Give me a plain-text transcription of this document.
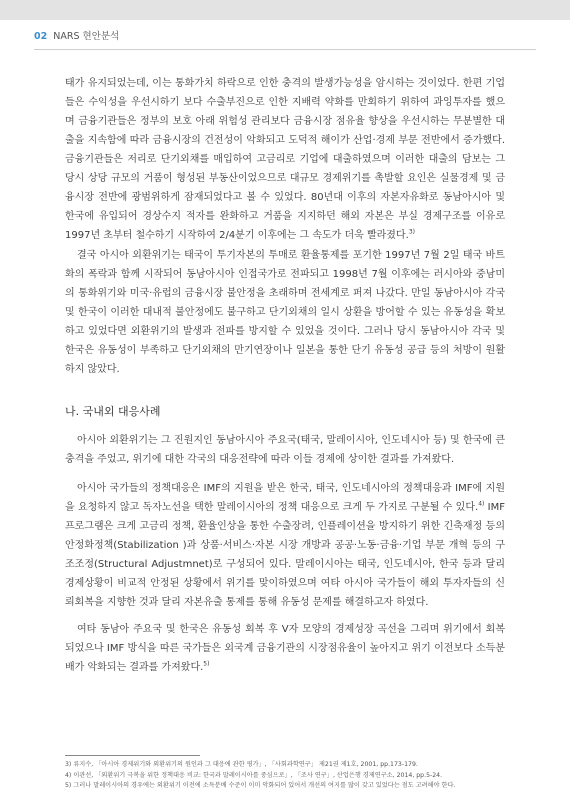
02 NARS 현안분석

태가 유지되었는데, 이는 통화가치 하락으로 인한 충격의 발생가능성을 암시하는 것이었다. 한편 기업들은 수익성을 우선시하기 보다 수출부진으로 인한 지배력 약화를 만회하기 위하여 과잉투자를 했으며 금융기관들은 정부의 보호 아래 위험성 관리보다 금융시장 점유율 향상을 우선시하는 무분별한 대출을 지속함에 따라 금융시장의 건전성이 악화되고 도덕적 해이가 산업·경제 부문 전반에서 증가했다. 금융기관들은 저리로 단기외채를 매입하여 고금리로 기업에 대출하였으며 이러한 대출의 담보는 그 당시 상당 규모의 거품이 형성된 부동산이었으므로 대규모 경제위기를 촉발할 요인은 실물경제 및 금융시장 전반에 광범위하게 잠재되었다고 볼 수 있었다. 80년대 이후의 자본자유화로 동남아시아 및 한국에 유입되어 경상수지 적자를 완화하고 거품을 지지하던 해외 자본은 부실 경제구조를 이유로 1997년 초부터 철수하기 시작하여 2/4분기 이후에는 그 속도가 더욱 빨라졌다.$^{3)}$

결국 아시아 외환위기는 태국이 투기자본의 투매로 환율통제를 포기한 1997년 7월 2일 태국 바트화의 폭락과 함께 시작되어 동남아시아 인접국가로 전파되고 1998년 7월 이후에는 러시아와 중남미의 통화위기와 미국·유럽의 금융시장 불안정을 초래하며 전세계로 퍼져 나갔다. 만일 동남아시아 각국 및 한국이 이러한 대내적 불안정에도 불구하고 단기외채의 일시 상환을 방어할 수 있는 유동성을 확보하고 있었다면 외환위기의 발생과 전파를 방지할 수 있었을 것이다. 그러나 당시 동남아시아 각국 및 한국은 유동성이 부족하고 단기외채의 만기연장이나 일본을 통한 단기 유동성 공급 등의 처방이 원활하지 않았다.

나. 국내외 대응사례

아시아 외환위기는 그 진원지인 동남아시아 주요국(태국, 말레이시아, 인도네시아 등) 및 한국에 큰 충격을 주었고, 위기에 대한 각국의 대응전략에 따라 이들 경제에 상이한 결과를 가져왔다.

아시아 국가들의 정책대응은 IMF의 지원을 받은 한국, 태국, 인도네시아의 정책대응과 IMF에 지원을 요청하지 않고 독자노선을 택한 말레이시아의 정책 대응으로 크게 두 가지로 구분될 수 있다.$^{4)}$ IMF 프로그램은 크게 고금리 정책, 환율인상을 통한 수출장려, 인플레이션을 방지하기 위한 긴축재정 등의 안정화정책(Stabilization )과 상품·서비스·자본 시장 개방과 공공·노동·금융·기업 부문 개혁 등의 구조조정(Structural Adjustmnet)로 구성되어 있다. 말레이시아는 태국, 인도네시아, 한국 등과 달리 경제상황이 비교적 안정된 상황에서 위기를 맞이하였으며 여타 아시아 국가들이 해외 투자자들의 신뢰회복을 지향한 것과 달리 자본유출 통제를 통해 유동성 문제를 해결하고자 하였다.

여타 동남아 주요국 및 한국은 유동성 회복 후 V자 모양의 경제성장 곡선을 그리며 위기에서 회복되었으나 IMF 방식을 따른 국가들은 외국계 금융기관의 시장점유율이 높아지고 위기 이전보다 소득분배가 악화되는 결과를 가져왔다.$^{5)}$

3) 류지수, 「아시아 경제위기와 외환위기의 원인과 그 대응에 관한 평가」, 「사회과학연구」 제21권 제1호, 2001, pp.173-179.
4) 이관선, 「외환위기 극복을 위한 정책대응 비교: 한국과 말레이시아를 중심으로」, 「조사 연구」, 산업은행 경제연구소, 2014, pp.5-24.
5) 그러나 말레이시아의 경우에는 외환위기 이전에 소득분배 수준이 이미 악화되어 있어서 개선의 여지를 많이 갖고 있었다는 점도 고려해야 한다.
